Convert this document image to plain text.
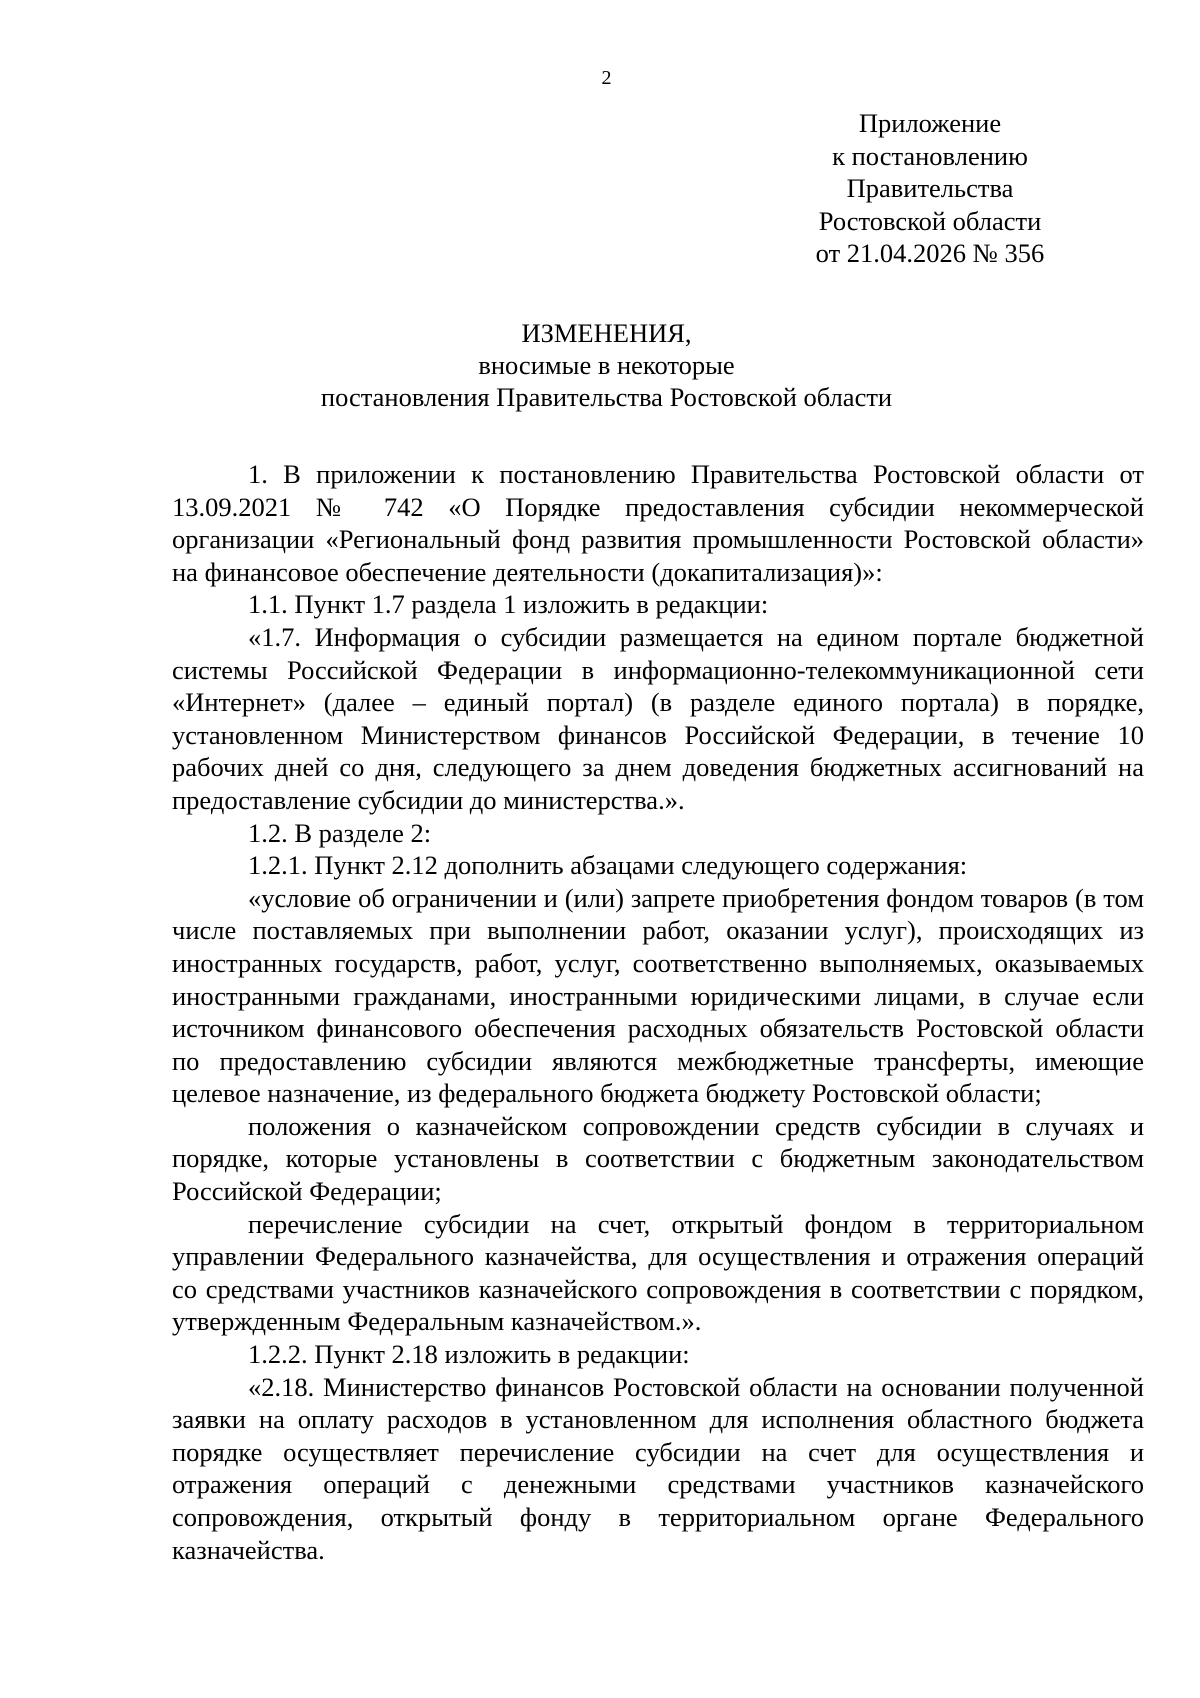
2
Приложение
к постановлению
Правительства
Ростовской области
от 21.04.2026 № 356
ИЗМЕНЕНИЯ,
вносимые в некоторые
постановления Правительства Ростовской области

1. В приложении к постановлению Правительства Ростовской области от 13.09.2021 № 742 «О Порядке предоставления субсидии некоммерческой организации «Региональный фонд развития промышленности Ростовской области» на финансовое обеспечение деятельности (докапитализация)»:

1.1. Пункт 1.7 раздела 1 изложить в редакции:

«1.7. Информация о субсидии размещается на едином портале бюджетной системы Российской Федерации в информационно-телекоммуникационной сети «Интернет» (далее – единый портал) (в разделе единого портала) в порядке, установленном Министерством финансов Российской Федерации, в течение 10 рабочих дней со дня, следующего за днем доведения бюджетных ассигнований на предоставление субсидии до министерства.».

1.2. В разделе 2:

1.2.1. Пункт 2.12 дополнить абзацами следующего содержания:

«условие об ограничении и (или) запрете приобретения фондом товаров (в том числе поставляемых при выполнении работ, оказании услуг), происходящих из иностранных государств, работ, услуг, соответственно выполняемых, оказываемых иностранными гражданами, иностранными юридическими лицами, в случае если источником финансового обеспечения расходных обязательств Ростовской области по предоставлению субсидии являются межбюджетные трансферты, имеющие целевое назначение, из федерального бюджета бюджету Ростовской области;

положения о казначейском сопровождении средств субсидии в случаях и порядке, которые установлены в соответствии с бюджетным законодательством Российской Федерации;

перечисление субсидии на счет, открытый фондом в территориальном управлении Федерального казначейства, для осуществления и отражения операций со средствами участников казначейского сопровождения в соответствии с порядком, утвержденным Федеральным казначейством.».

1.2.2. Пункт 2.18 изложить в редакции:

«2.18. Министерство финансов Ростовской области на основании полученной заявки на оплату расходов в установленном для исполнения областного бюджета порядке осуществляет перечисление субсидии на счет для осуществления и отражения операций с денежными средствами участников казначейского сопровождения, открытый фонду в территориальном органе Федерального казначейства.
